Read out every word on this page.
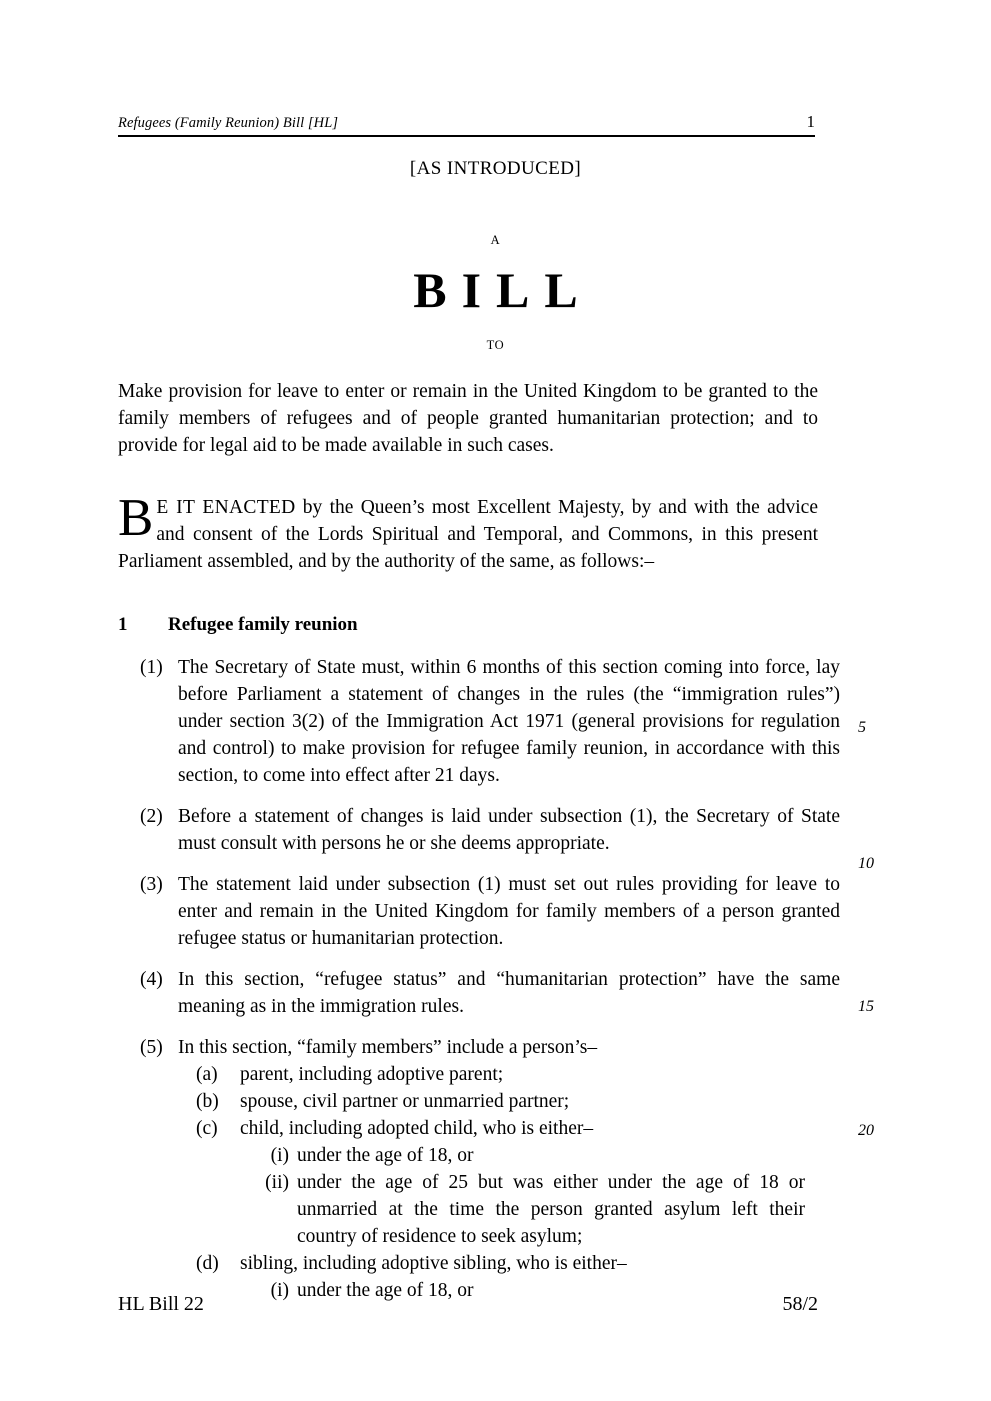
Refugees (Family Reunion) Bill [HL]	1
[AS INTRODUCED]
A
BILL
TO
Make provision for leave to enter or remain in the United Kingdom to be granted to the family members of refugees and of people granted humanitarian protection; and to provide for legal aid to be made available in such cases.
B E IT ENACTED by the Queen’s most Excellent Majesty, by and with the advice and consent of the Lords Spiritual and Temporal, and Commons, in this present Parliament assembled, and by the authority of the same, as follows:–
1 Refugee family reunion
(1) The Secretary of State must, within 6 months of this section coming into force, lay before Parliament a statement of changes in the rules (the “immigration rules”) under section 3(2) of the Immigration Act 1971 (general provisions for regulation and control) to make provision for refugee family reunion, in accordance with this section, to come into effect after 21 days.
(2) Before a statement of changes is laid under subsection (1), the Secretary of State must consult with persons he or she deems appropriate.
(3) The statement laid under subsection (1) must set out rules providing for leave to enter and remain in the United Kingdom for family members of a person granted refugee status or humanitarian protection.
(4) In this section, “refugee status” and “humanitarian protection” have the same meaning as in the immigration rules.
(5) In this section, “family members” include a person’s–
(a)	parent, including adoptive parent;
(b)	spouse, civil partner or unmarried partner;
(c)	child, including adopted child, who is either–
(i) under the age of 18, or
(ii) under the age of 25 but was either under the age of 18 or unmarried at the time the person granted asylum left their country of residence to seek asylum;
(d)	sibling, including adoptive sibling, who is either–
(i) under the age of 18, or
5
10
15
20
HL Bill 22	58/2
